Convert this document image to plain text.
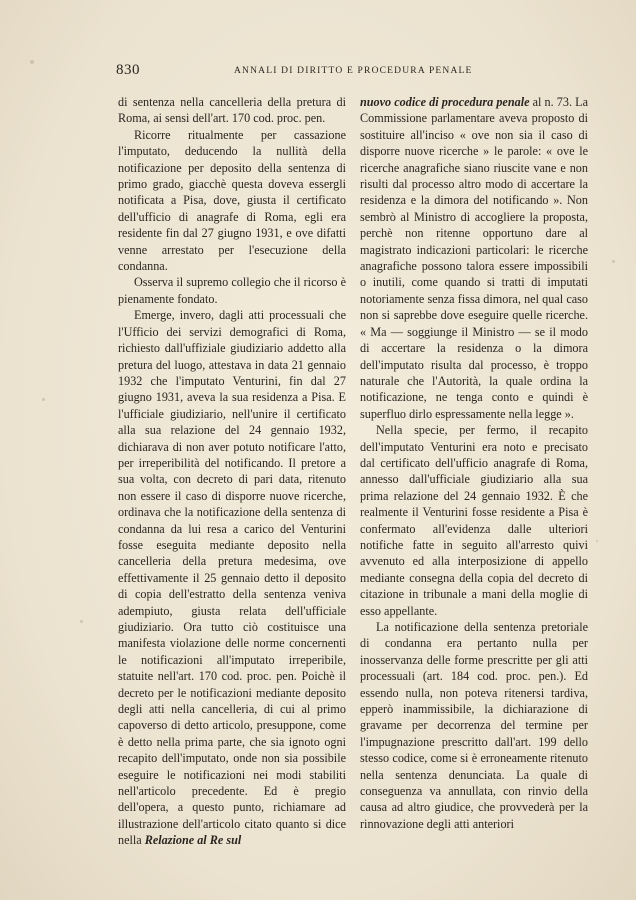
830	ANNALI DI DIRITTO E PROCEDURA PENALE

di sentenza nella cancelleria della pretura di Roma, ai sensi dell'art. 170 cod. proc. pen.

Ricorre ritualmente per cassazione l'imputato, deducendo la nullità della notificazione per deposito della sentenza di primo grado, giacchè questa doveva essergli notificata a Pisa, dove, giusta il certificato dell'ufficio di anagrafe di Roma, egli era residente fin dal 27 giugno 1931, e ove difatti venne arrestato per l'esecuzione della condanna.

Osserva il supremo collegio che il ricorso è pienamente fondato.

Emerge, invero, dagli atti processuali che l'Ufficio dei servizi demografici di Roma, richiesto dall'uffiziale giudiziario addetto alla pretura del luogo, attestava in data 21 gennaio 1932 che l'imputato Venturini, fin dal 27 giugno 1931, aveva la sua residenza a Pisa. E l'ufficiale giudiziario, nell'unire il certificato alla sua relazione del 24 gennaio 1932, dichiarava di non aver potuto notificare l'atto, per irreperibilità del notificando. Il pretore a sua volta, con decreto di pari data, ritenuto non essere il caso di disporre nuove ricerche, ordinava che la notificazione della sentenza di condanna da lui resa a carico del Venturini fosse eseguita mediante deposito nella cancelleria della pretura medesima, ove effettivamente il 25 gennaio detto il deposito di copia dell'estratto della sentenza veniva adempiuto, giusta relata dell'ufficiale giudiziario. Ora tutto ciò costituisce una manifesta violazione delle norme concernenti le notificazioni all'imputato irreperibile, statuite nell'art. 170 cod. proc. pen. Poichè il decreto per le notificazioni mediante deposito degli atti nella cancelleria, di cui al primo capoverso di detto articolo, presuppone, come è detto nella prima parte, che sia ignoto ogni recapito dell'imputato, onde non sia possibile eseguire le notificazioni nei modi stabiliti nell'articolo precedente. Ed è pregio dell'opera, a questo punto, richiamare ad illustrazione dell'articolo citato quanto si dice nella Relazione al Re sul

nuovo codice di procedura penale al n. 73. La Commissione parlamentare aveva proposto di sostituire all'inciso « ove non sia il caso di disporre nuove ricerche » le parole: « ove le ricerche anagrafiche siano riuscite vane e non risulti dal processo altro modo di accertare la residenza e la dimora del notificando ». Non sembrò al Ministro di accogliere la proposta, perchè non ritenne opportuno dare al magistrato indicazioni particolari: le ricerche anagrafiche possono talora essere impossibili o inutili, come quando si tratti di imputati notoriamente senza fissa dimora, nel qual caso non si saprebbe dove eseguire quelle ricerche. « Ma — soggiunge il Ministro — se il modo di accertare la residenza o la dimora dell'imputato risulta dal processo, è troppo naturale che l'Autorità, la quale ordina la notificazione, ne tenga conto e quindi è superfluo dirlo espressamente nella legge ».

Nella specie, per fermo, il recapito dell'imputato Venturini era noto e precisato dal certificato dell'ufficio anagrafe di Roma, annesso dall'ufficiale giudiziario alla sua prima relazione del 24 gennaio 1932. È che realmente il Venturini fosse residente a Pisa è confermato all'evidenza dalle ulteriori notifiche fatte in seguito all'arresto quivi avvenuto ed alla interposizione di appello mediante consegna della copia del decreto di citazione in tribunale a mani della moglie di esso appellante.

La notificazione della sentenza pretoriale di condanna era pertanto nulla per inosservanza delle forme prescritte per gli atti processuali (art. 184 cod. proc. pen.). Ed essendo nulla, non poteva ritenersi tardiva, epperò inammissibile, la dichiarazione di gravame per decorrenza del termine per l'impugnazione prescritto dall'art. 199 dello stesso codice, come si è erroneamente ritenuto nella sentenza denunciata. La quale di conseguenza va annullata, con rinvio della causa ad altro giudice, che provvederà per la rinnovazione degli atti anteriori
